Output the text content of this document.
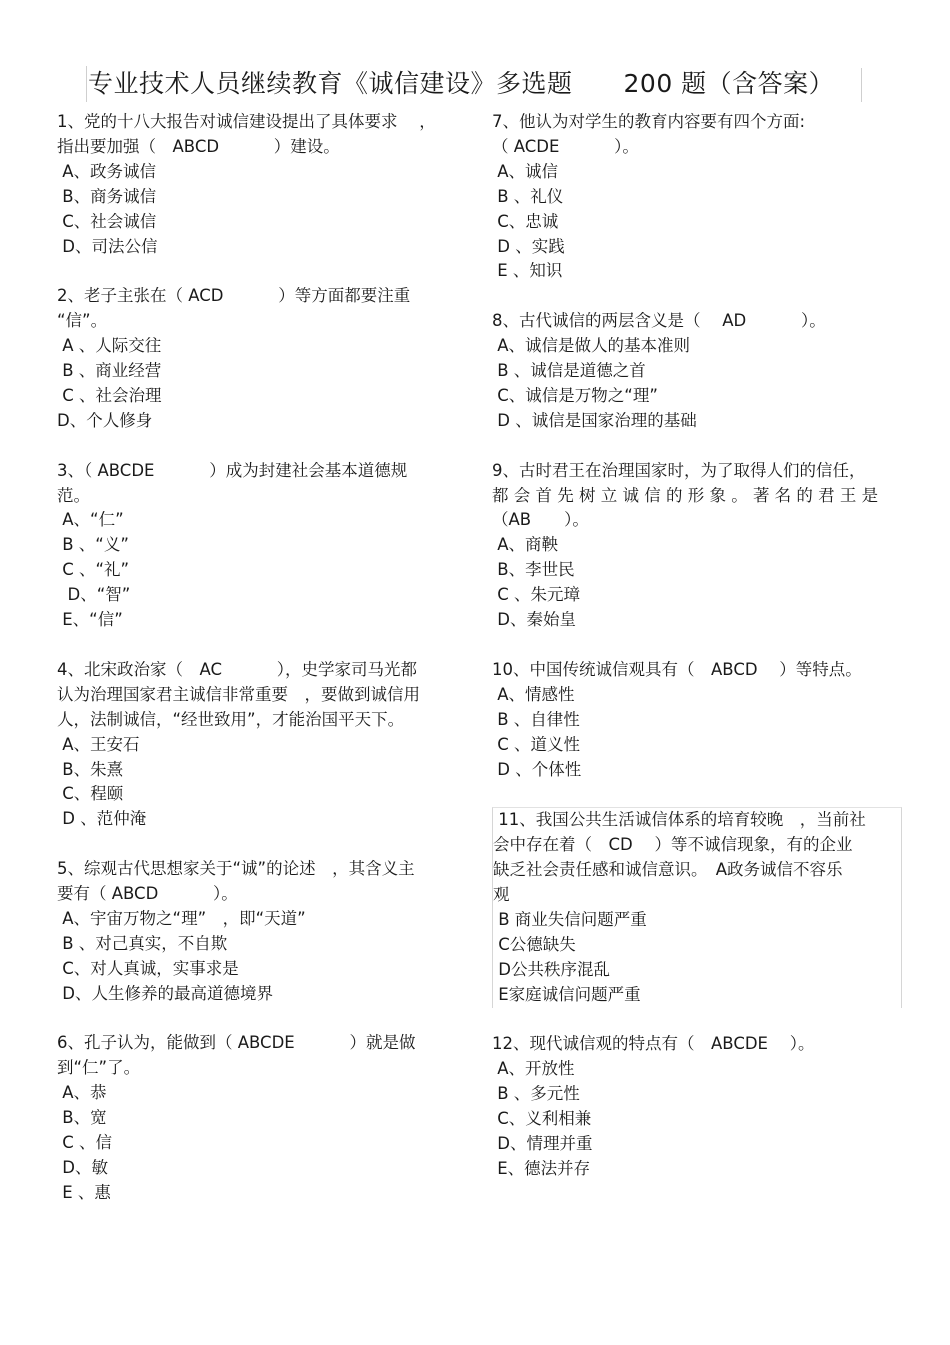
专业技术人员继续教育《诚信建设》多选题　　200 题（含答案）
1、党的十八大报告对诚信建设提出了具体要求　 ，
指出要加强（　ABCD　　　 ）建设。
A、政务诚信
B、商务诚信
C、社会诚信
D、司法公信
2、老子主张在（ ACD　　　 ）等方面都要注重
“信”。
A 、人际交往
B 、商业经营
C 、社会治理
D、个人修身
3、（ ABCDE　　　 ）成为封建社会基本道德规
范。
A、“仁”
B 、“义”
C 、“礼”
D、“智”
E、“信”
4、北宋政治家（　AC　　　 ），史学家司马光都
认为治理国家君主诚信非常重要　，要做到诚信用
人，法制诚信，“经世致用”，才能治国平天下。
A、王安石
B、朱熹
C、程颐
D 、范仲淹
5、综观古代思想家关于“诚”的论述　，其含义主
要有（ ABCD　　　 ）。
A、宇宙万物之“理”　，即“天道”
B 、对己真实，不自欺
C、对人真诚，实事求是
D、人生修养的最高道德境界
6、孔子认为，能做到（ ABCDE　　　 ）就是做
到“仁”了。
A、恭
B、宽
C 、信
D、敏
E 、惠
7、他认为对学生的教育内容要有四个方面:
（ ACDE　　　 ）。
A、诚信
B 、礼仪
C、忠诚
D 、实践
E 、知识
8、古代诚信的两层含义是（　 AD　　　 ）。
A、诚信是做人的基本准则
B 、诚信是道德之首
C、诚信是万物之“理”
D 、诚信是国家治理的基础
9、古时君王在治理国家时，为了取得人们的信任，
都 会 首 先 树 立 诚 信 的 形 象 。 著 名 的 君 王 是
（AB　　）。
A、商鞅
B、李世民
C 、朱元璋
D、秦始皇
10、中国传统诚信观具有（　ABCD　 ）等特点。
A、情感性
B 、自律性
C 、道义性
D 、个体性
11、我国公共生活诚信体系的培育较晚　，当前社
会中存在着（　CD　 ）等不诚信现象，有的企业
缺乏社会责任感和诚信意识。　A政务诚信不容乐
观
B 商业失信问题严重
C公德缺失
D公共秩序混乱
E家庭诚信问题严重
12、现代诚信观的特点有（　ABCDE　 ）。
A、开放性
B 、多元性
C、义利相兼
D、情理并重
E、德法并存
